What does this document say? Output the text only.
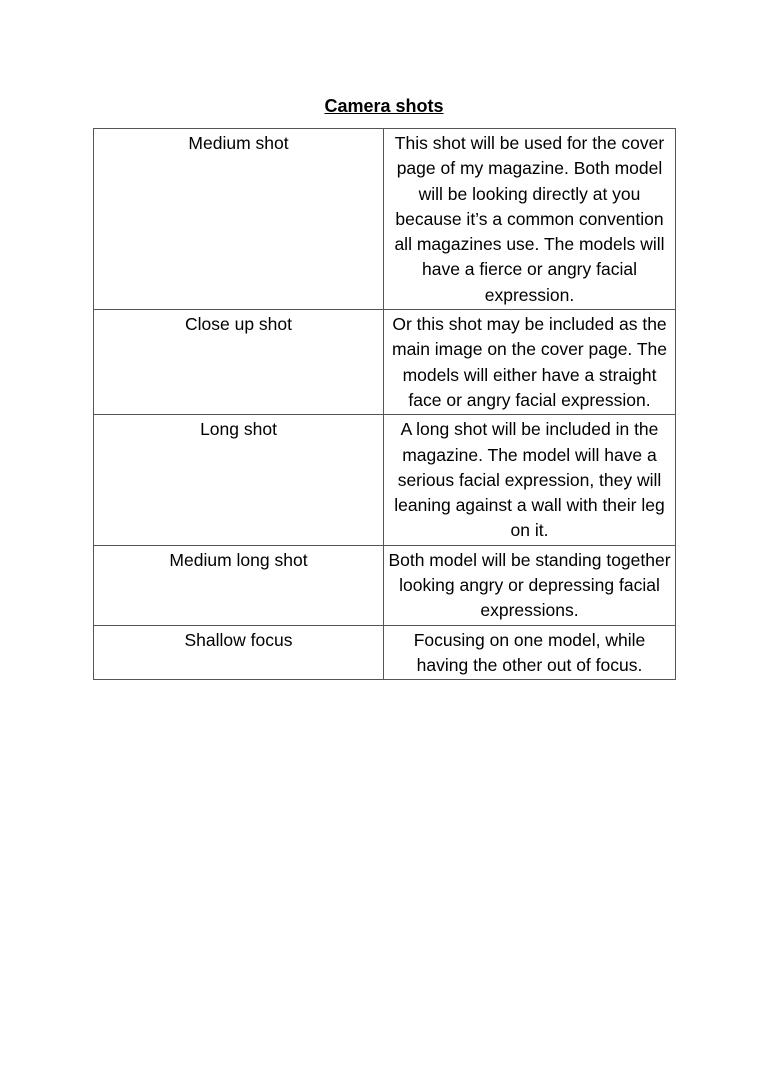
Camera shots
Medium shot	This shot will be used for the cover page of my magazine. Both model will be looking directly at you because it’s a common convention all magazines use. The models will have a fierce or angry facial expression.
Close up shot	Or this shot may be included as the main image on the cover page. The models will either have a straight face or angry facial expression.
Long shot	A long shot will be included in the magazine. The model will have a serious facial expression, they will leaning against a wall with their leg on it.
Medium long shot	Both model will be standing together looking angry or depressing facial expressions.
Shallow focus	Focusing on one model, while having the other out of focus.
